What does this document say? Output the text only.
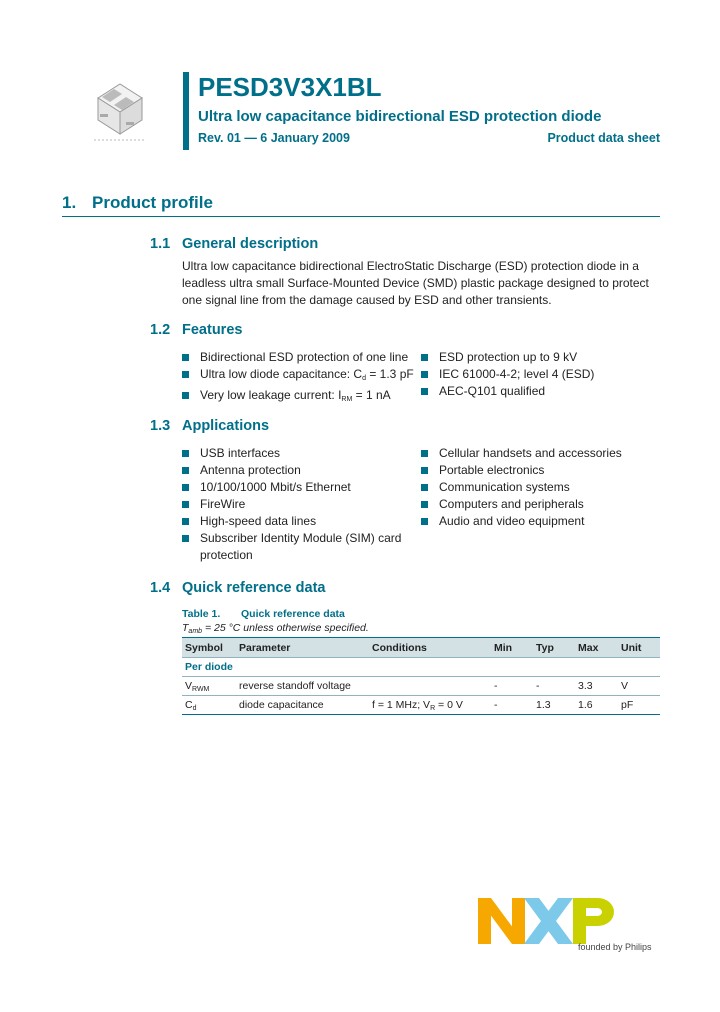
PESD3V3X1BL
Ultra low capacitance bidirectional ESD protection diode
Rev. 01 — 6 January 2009	Product data sheet
1. Product profile
1.1 General description
Ultra low capacitance bidirectional ElectroStatic Discharge (ESD) protection diode in a leadless ultra small Surface-Mounted Device (SMD) plastic package designed to protect one signal line from the damage caused by ESD and other transients.
1.2 Features
Bidirectional ESD protection of one line
Ultra low diode capacitance: $C_d = 1.3$ pF
Very low leakage current: $I_{RM} = 1$ nA
ESD protection up to 9 kV
IEC 61000-4-2; level 4 (ESD)
AEC-Q101 qualified
1.3 Applications
USB interfaces
Antenna protection
10/100/1000 Mbit/s Ethernet
FireWire
High-speed data lines
Subscriber Identity Module (SIM) card protection
Cellular handsets and accessories
Portable electronics
Communication systems
Computers and peripherals
Audio and video equipment
1.4 Quick reference data
Table 1. Quick reference data
$T_{amb} = 25$ °C unless otherwise specified.
Symbol	Parameter	Conditions	Min	Typ	Max	Unit
Per diode						
$V_{RWM}$	reverse standoff voltage		-	-	3.3	V
$C_d$	diode capacitance	f = 1 MHz; $V_R = 0$ V	-	1.3	1.6	pF
founded by Philips
